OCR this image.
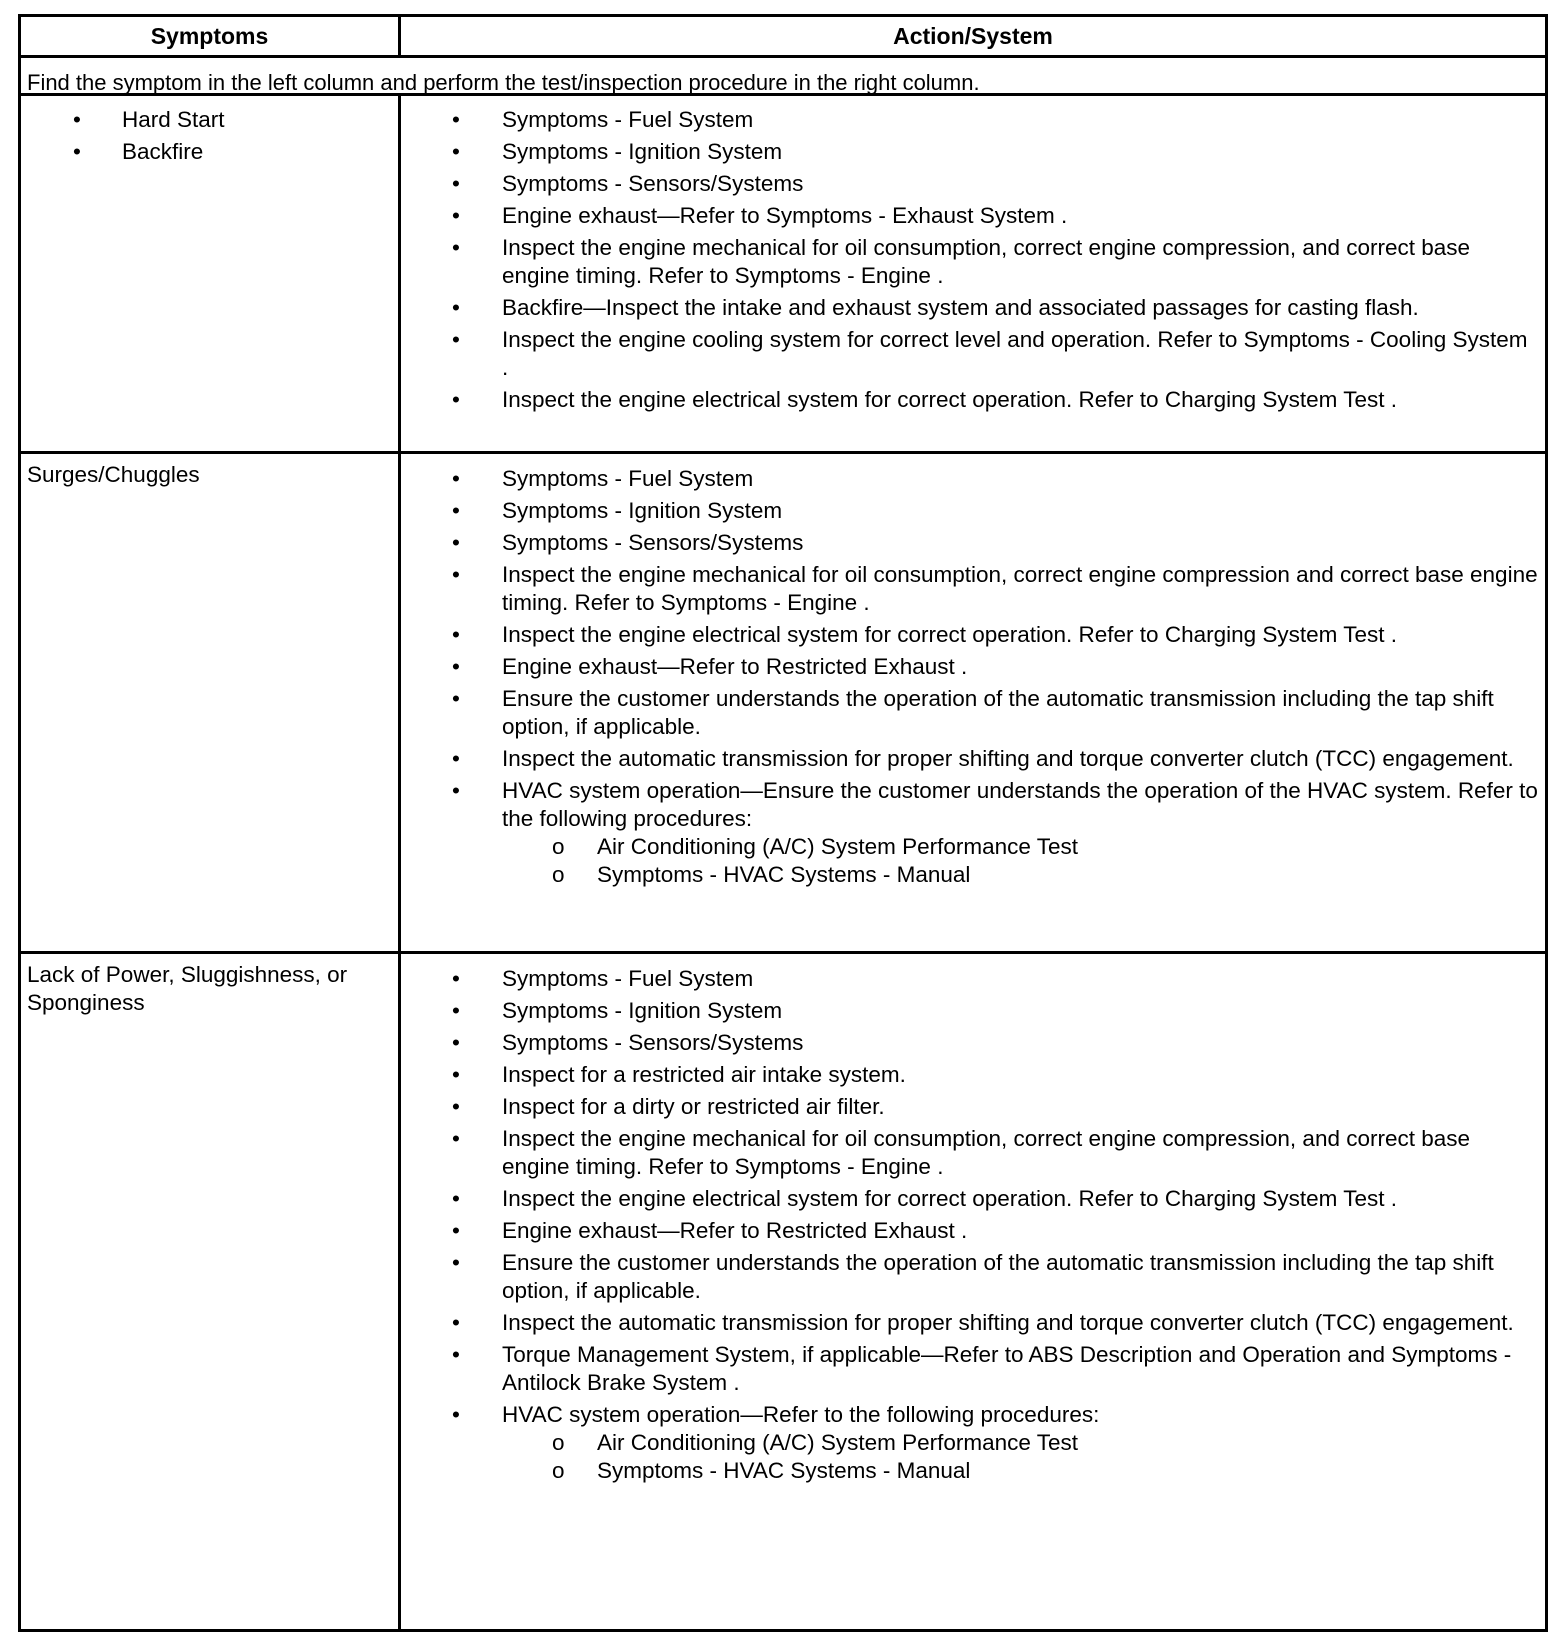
Symptoms	Action/System
Find the symptom in the left column and perform the test/inspection procedure in the right column.
• Hard Start
• Backfire
• Symptoms - Fuel System
• Symptoms - Ignition System
• Symptoms - Sensors/Systems
• Engine exhaust—Refer to Symptoms - Exhaust System .
• Inspect the engine mechanical for oil consumption, correct engine compression, and correct base engine timing. Refer to Symptoms - Engine .
• Backfire—Inspect the intake and exhaust system and associated passages for casting flash.
• Inspect the engine cooling system for correct level and operation. Refer to Symptoms - Cooling System .
• Inspect the engine electrical system for correct operation. Refer to Charging System Test .
Surges/Chuggles	• Symptoms - Fuel System
• Symptoms - Ignition System
• Symptoms - Sensors/Systems
• Inspect the engine mechanical for oil consumption, correct engine compression and correct base engine timing. Refer to Symptoms - Engine .
• Inspect the engine electrical system for correct operation. Refer to Charging System Test .
• Engine exhaust—Refer to Restricted Exhaust .
• Ensure the customer understands the operation of the automatic transmission including the tap shift option, if applicable.
• Inspect the automatic transmission for proper shifting and torque converter clutch (TCC) engagement.
• HVAC system operation—Ensure the customer understands the operation of the HVAC system. Refer to the following procedures:
o Air Conditioning (A/C) System Performance Test
o Symptoms - HVAC Systems - Manual
Lack of Power, Sluggishness, or Sponginess
• Symptoms - Fuel System
• Symptoms - Ignition System
• Symptoms - Sensors/Systems
• Inspect for a restricted air intake system.
• Inspect for a dirty or restricted air filter.
• Inspect the engine mechanical for oil consumption, correct engine compression, and correct base engine timing. Refer to Symptoms - Engine .
• Inspect the engine electrical system for correct operation. Refer to Charging System Test .
• Engine exhaust—Refer to Restricted Exhaust .
• Ensure the customer understands the operation of the automatic transmission including the tap shift option, if applicable.
• Inspect the automatic transmission for proper shifting and torque converter clutch (TCC) engagement.
• Torque Management System, if applicable—Refer to ABS Description and Operation and Symptoms - Antilock Brake System .
• HVAC system operation—Refer to the following procedures:
o Air Conditioning (A/C) System Performance Test
o Symptoms - HVAC Systems - Manual
